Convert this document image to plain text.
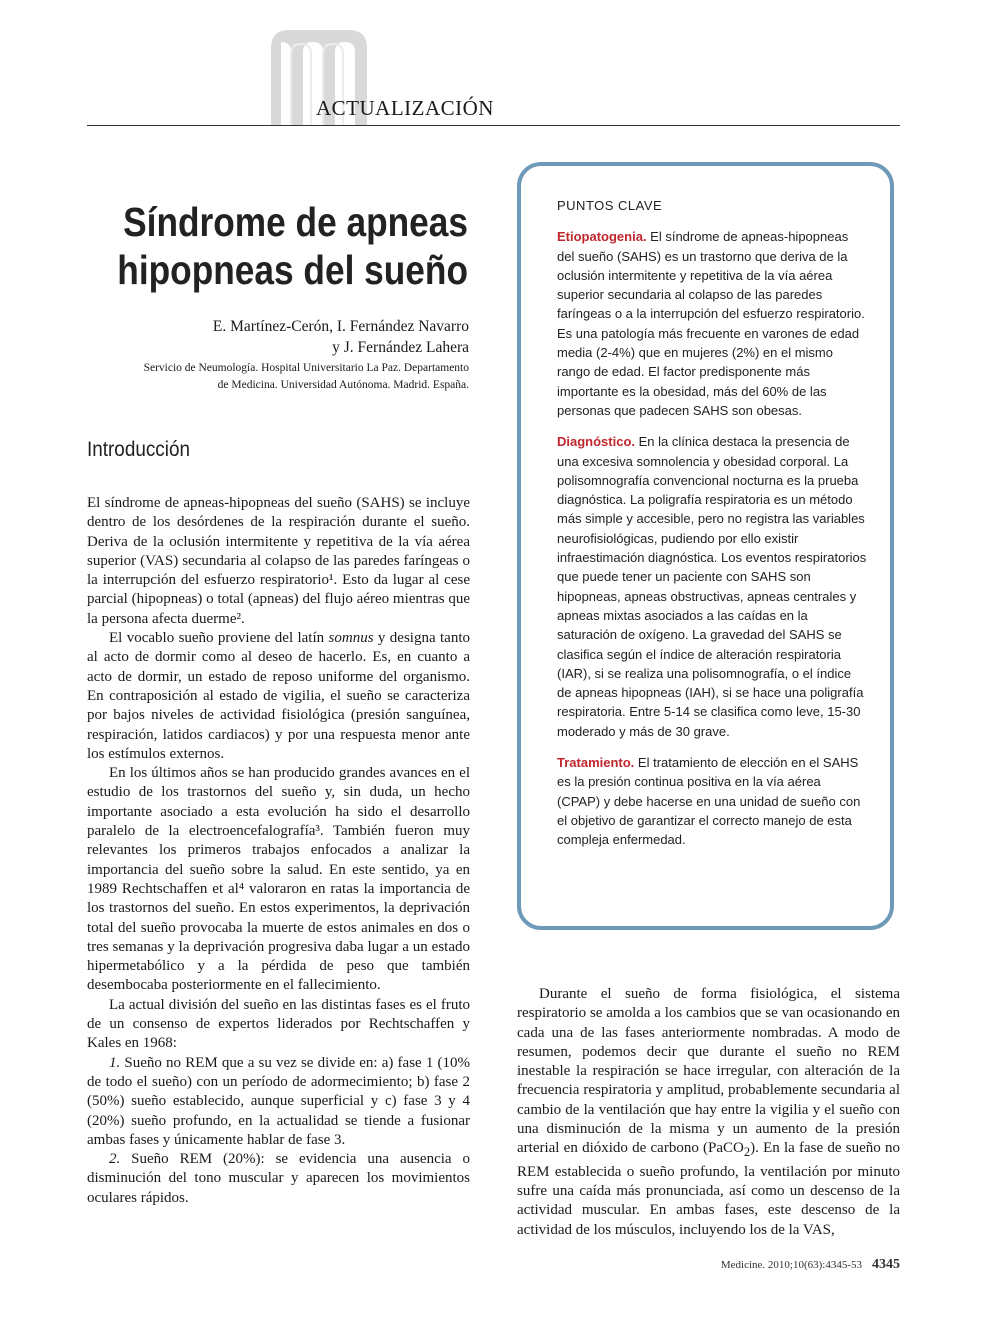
ACTUALIZACIÓN
Síndrome de apneas hipopneas del sueño
E. Martínez-Cerón, I. Fernández Navarro
y J. Fernández Lahera
Servicio de Neumología. Hospital Universitario La Paz. Departamento
de Medicina. Universidad Autónoma. Madrid. España.
Introducción

El síndrome de apneas-hipopneas del sueño (SAHS) se incluye dentro de los desórdenes de la respiración durante el sueño. Deriva de la oclusión intermitente y repetitiva de la vía aérea superior (VAS) secundaria al colapso de las paredes faríngeas o la interrupción del esfuerzo respiratorio¹. Esto da lugar al cese parcial (hipopneas) o total (apneas) del flujo aéreo mientras que la persona afecta duerme².

El vocablo sueño proviene del latín somnus y designa tanto al acto de dormir como al deseo de hacerlo. Es, en cuanto a acto de dormir, un estado de reposo uniforme del organismo. En contraposición al estado de vigilia, el sueño se caracteriza por bajos niveles de actividad fisiológica (presión sanguínea, respiración, latidos cardiacos) y por una respuesta menor ante los estímulos externos.

En los últimos años se han producido grandes avances en el estudio de los trastornos del sueño y, sin duda, un hecho importante asociado a esta evolución ha sido el desarrollo paralelo de la electroencefalografía³. También fueron muy relevantes los primeros trabajos enfocados a analizar la importancia del sueño sobre la salud. En este sentido, ya en 1989 Rechtschaffen et al⁴ valoraron en ratas la importancia de los trastornos del sueño. En estos experimentos, la deprivación total del sueño provocaba la muerte de estos animales en dos o tres semanas y la deprivación progresiva daba lugar a un estado hipermetabólico y a la pérdida de peso que también desembocaba posteriormente en el fallecimiento.

La actual división del sueño en las distintas fases es el fruto de un consenso de expertos liderados por Rechtschaffen y Kales en 1968:

1. Sueño no REM que a su vez se divide en: a) fase 1 (10% de todo el sueño) con un período de adormecimiento; b) fase 2 (50%) sueño establecido, aunque superficial y c) fase 3 y 4 (20%) sueño profundo, en la actualidad se tiende a fusionar ambas fases y únicamente hablar de fase 3.

2. Sueño REM (20%): se evidencia una ausencia o disminución del tono muscular y aparecen los movimientos oculares rápidos.

PUNTOS CLAVE
Etiopatogenia. El síndrome de apneas-hipopneas del sueño (SAHS) es un trastorno que deriva de la oclusión intermitente y repetitiva de la vía aérea superior secundaria al colapso de las paredes faríngeas o a la interrupción del esfuerzo respiratorio. Es una patología más frecuente en varones de edad media (2-4%) que en mujeres (2%) en el mismo rango de edad. El factor predisponente más importante es la obesidad, más del 60% de las personas que padecen SAHS son obesas.
Diagnóstico. En la clínica destaca la presencia de una excesiva somnolencia y obesidad corporal. La polisomnografía convencional nocturna es la prueba diagnóstica. La poligrafía respiratoria es un método más simple y accesible, pero no registra las variables neurofisiológicas, pudiendo por ello existir infraestimación diagnóstica. Los eventos respiratorios que puede tener un paciente con SAHS son hipopneas, apneas obstructivas, apneas centrales y apneas mixtas asociados a las caídas en la saturación de oxígeno. La gravedad del SAHS se clasifica según el índice de alteración respiratoria (IAR), si se realiza una polisomnografía, o el índice de apneas hipopneas (IAH), si se hace una poligrafía respiratoria. Entre 5-14 se clasifica como leve, 15-30 moderado y más de 30 grave.
Tratamiento. El tratamiento de elección en el SAHS es la presión continua positiva en la vía aérea (CPAP) y debe hacerse en una unidad de sueño con el objetivo de garantizar el correcto manejo de esta compleja enfermedad.

Durante el sueño de forma fisiológica, el sistema respiratorio se amolda a los cambios que se van ocasionando en cada una de las fases anteriormente nombradas. A modo de resumen, podemos decir que durante el sueño no REM inestable la respiración se hace irregular, con alteración de la frecuencia respiratoria y amplitud, probablemente secundaria al cambio de la ventilación que hay entre la vigilia y el sueño con una disminución de la misma y un aumento de la presión arterial en dióxido de carbono (PaCO$_2$). En la fase de sueño no REM establecida o sueño profundo, la ventilación por minuto sufre una caída más pronunciada, así como un descenso de la actividad muscular. En ambas fases, este descenso de la actividad de los músculos, incluyendo los de la VAS,

Medicine. 2010;10(63):4345-53 4345
